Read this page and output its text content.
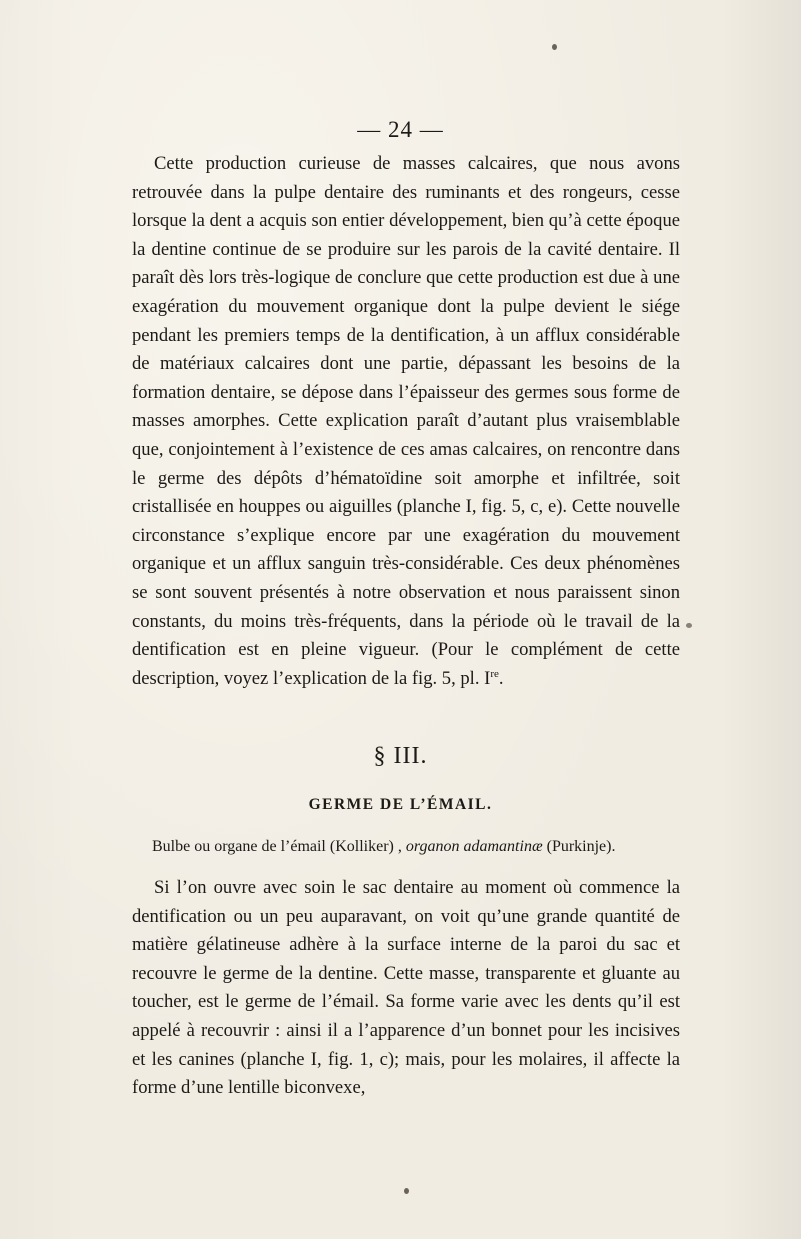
— 24 —

Cette production curieuse de masses calcaires, que nous avons retrouvée dans la pulpe dentaire des ruminants et des rongeurs, cesse lorsque la dent a acquis son entier développement, bien qu’à cette époque la dentine continue de se produire sur les parois de la cavité dentaire. Il paraît dès lors très-logique de conclure que cette production est due à une exagération du mouvement organique dont la pulpe devient le siége pendant les premiers temps de la dentification, à un afflux considérable de matériaux calcaires dont une partie, dépassant les besoins de la formation dentaire, se dépose dans l’épaisseur des germes sous forme de masses amorphes. Cette explication paraît d’autant plus vraisemblable que, conjointement à l’existence de ces amas calcaires, on rencontre dans le germe des dépôts d’hématoïdine soit amorphe et infiltrée, soit cristallisée en houppes ou aiguilles (planche I, fig. 5, c, e). Cette nouvelle circonstance s’explique encore par une exagération du mouvement organique et un afflux sanguin très-considérable. Ces deux phénomènes se sont souvent présentés à notre observation et nous paraissent sinon constants, du moins très-fréquents, dans la période où le travail de la dentification est en pleine vigueur. (Pour le complément de cette description, voyez l’explication de la fig. 5, pl. Ire.

§ III.
GERME DE L’ÉMAIL.
Bulbe ou organe de l’émail (Kolliker) , organon adamantinæ (Purkinje).

Si l’on ouvre avec soin le sac dentaire au moment où commence la dentification ou un peu auparavant, on voit qu’une grande quantité de matière gélatineuse adhère à la surface interne de la paroi du sac et recouvre le germe de la dentine. Cette masse, transparente et gluante au toucher, est le germe de l’émail. Sa forme varie avec les dents qu’il est appelé à recouvrir : ainsi il a l’apparence d’un bonnet pour les incisives et les canines (planche I, fig. 1, c); mais, pour les molaires, il affecte la forme d’une lentille biconvexe,
